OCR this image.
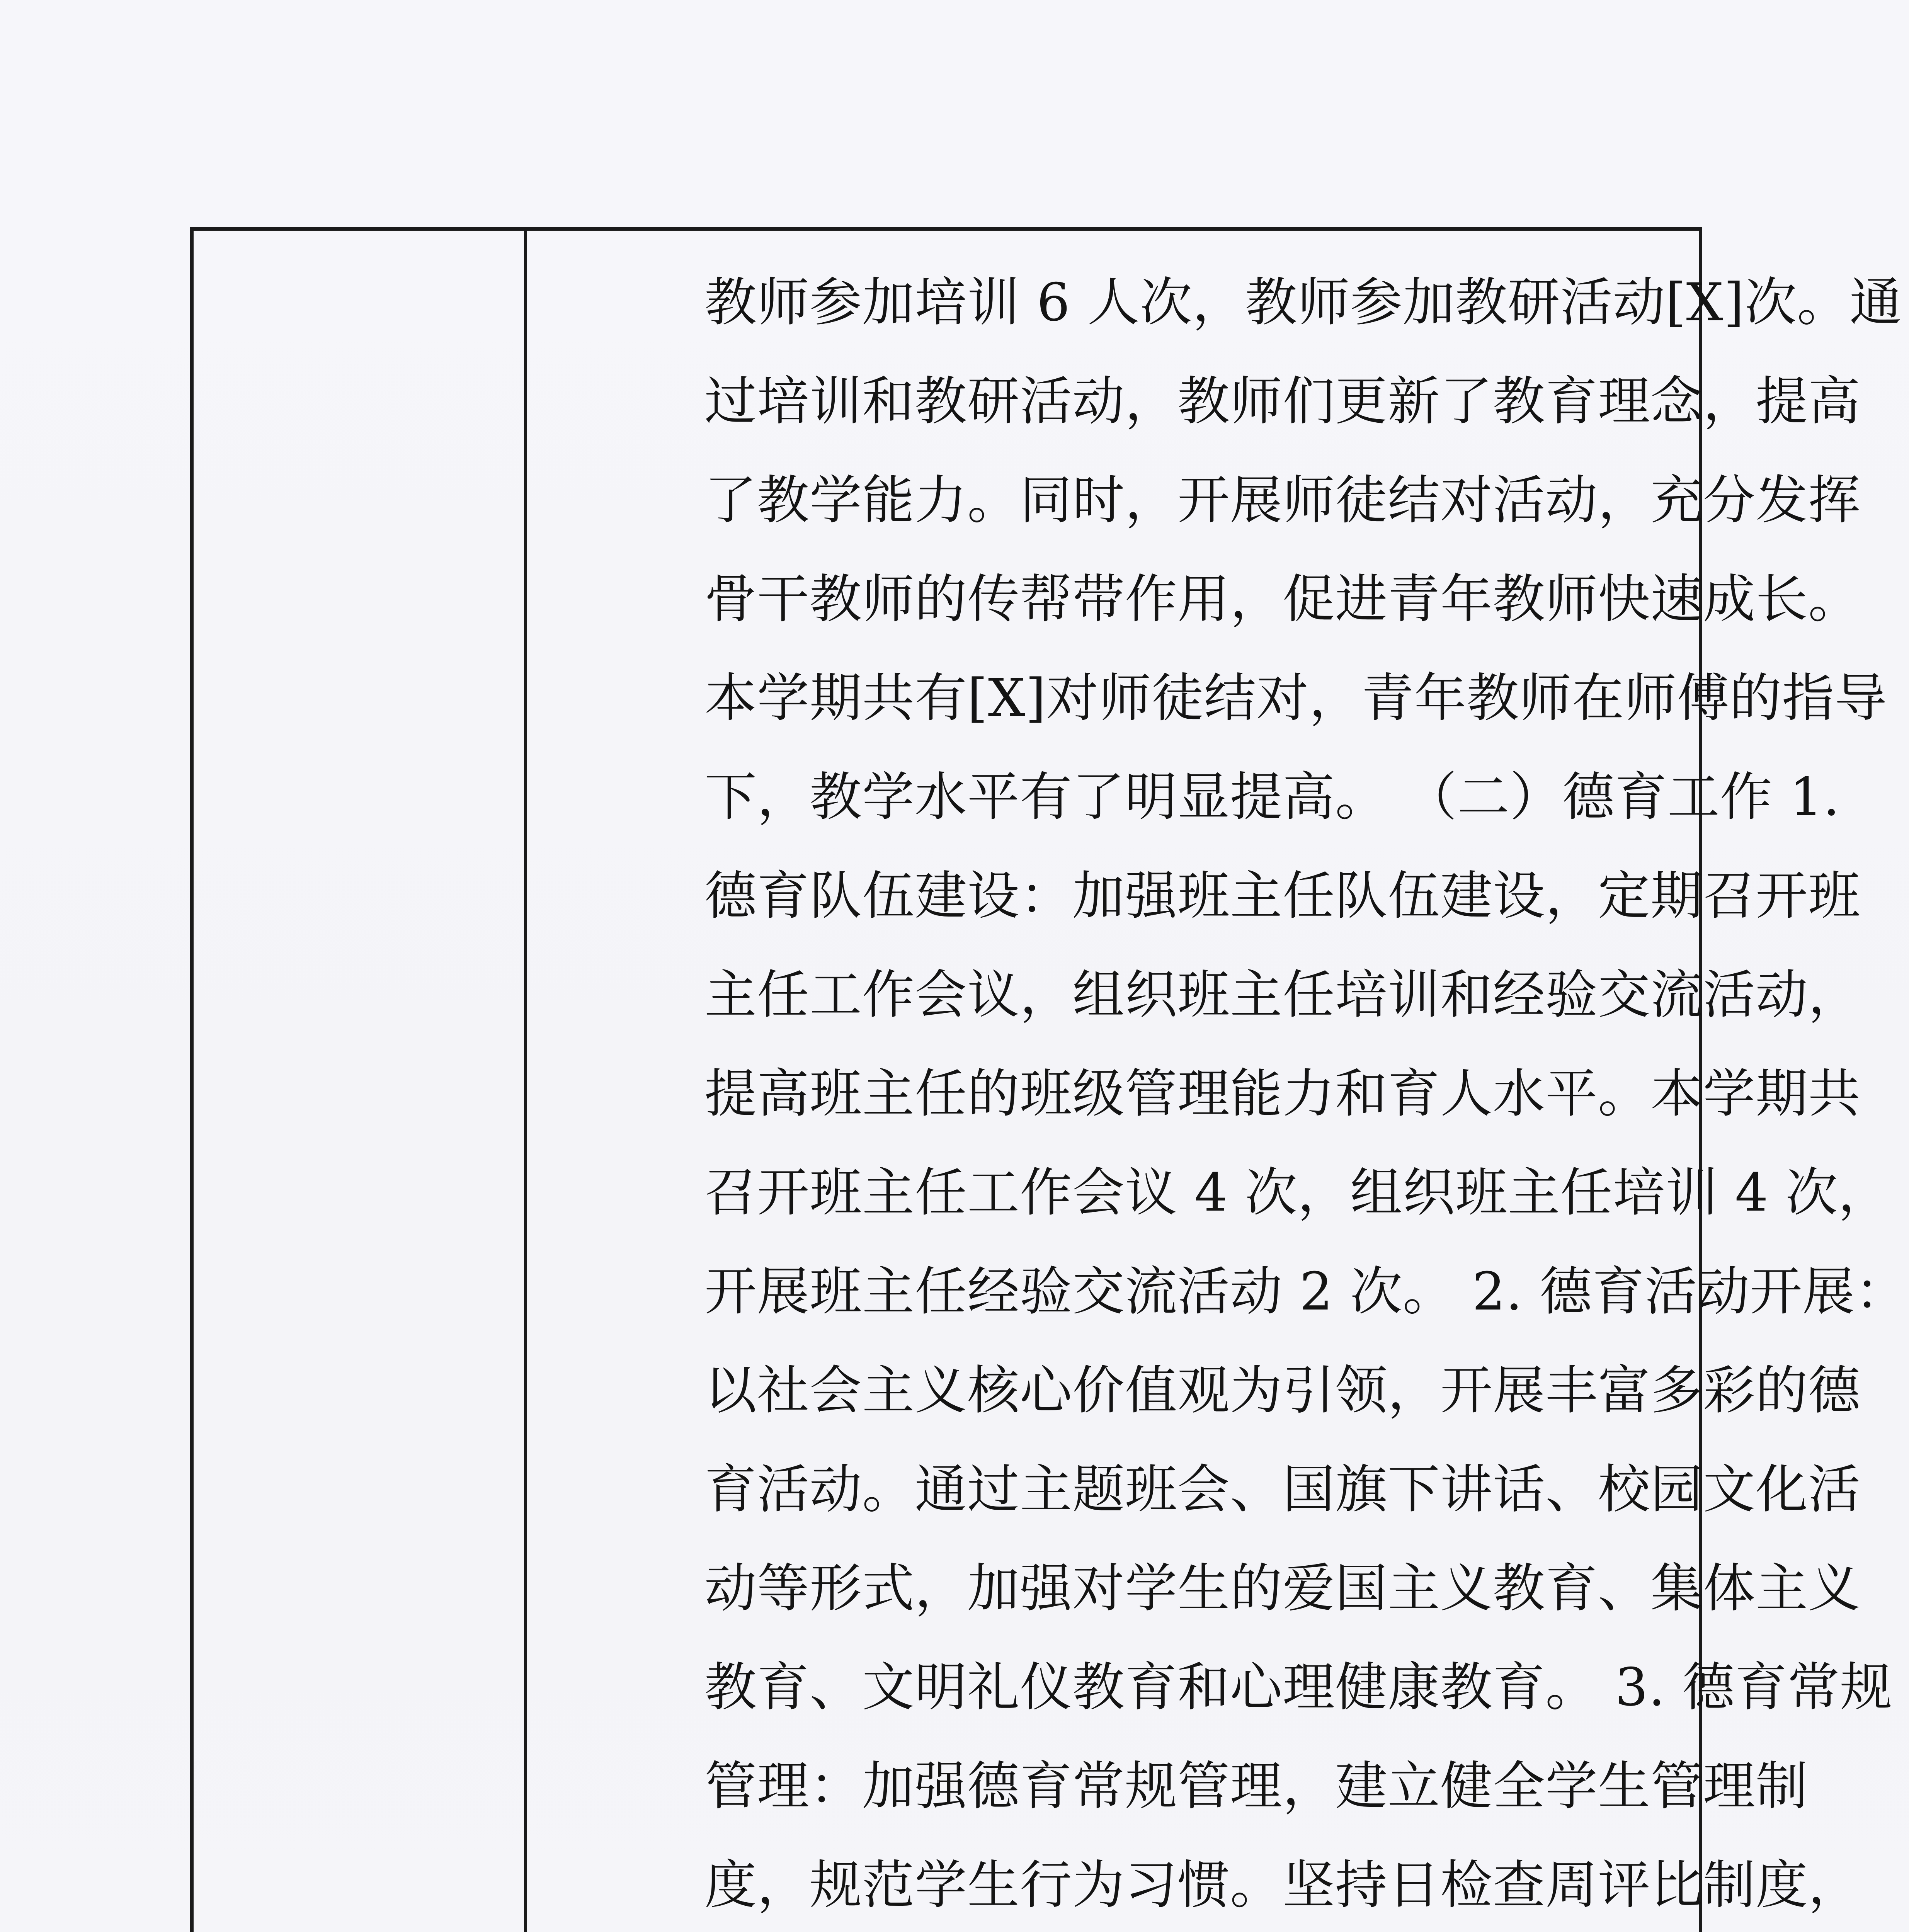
教师参加培训 6 人次，教师参加教研活动[X]次。通
过培训和教研活动，教师们更新了教育理念，提高
了教学能力。同时，开展师徒结对活动，充分发挥
骨干教师的传帮带作用，促进青年教师快速成长。
本学期共有[X]对师徒结对，青年教师在师傅的指导
下，教学水平有了明显提高。 （二）德育工作 1.
德育队伍建设：加强班主任队伍建设，定期召开班
主任工作会议，组织班主任培训和经验交流活动，
提高班主任的班级管理能力和育人水平。本学期共
召开班主任工作会议 4 次，组织班主任培训 4 次，
开展班主任经验交流活动 2 次。 2. 德育活动开展：
以社会主义核心价值观为引领，开展丰富多彩的德
育活动。通过主题班会、国旗下讲话、校园文化活
动等形式，加强对学生的爱国主义教育、集体主义
教育、文明礼仪教育和心理健康教育。 3. 德育常规
管理：加强德育常规管理，建立健全学生管理制
度，规范学生行为习惯。坚持日检查周评比制度，
